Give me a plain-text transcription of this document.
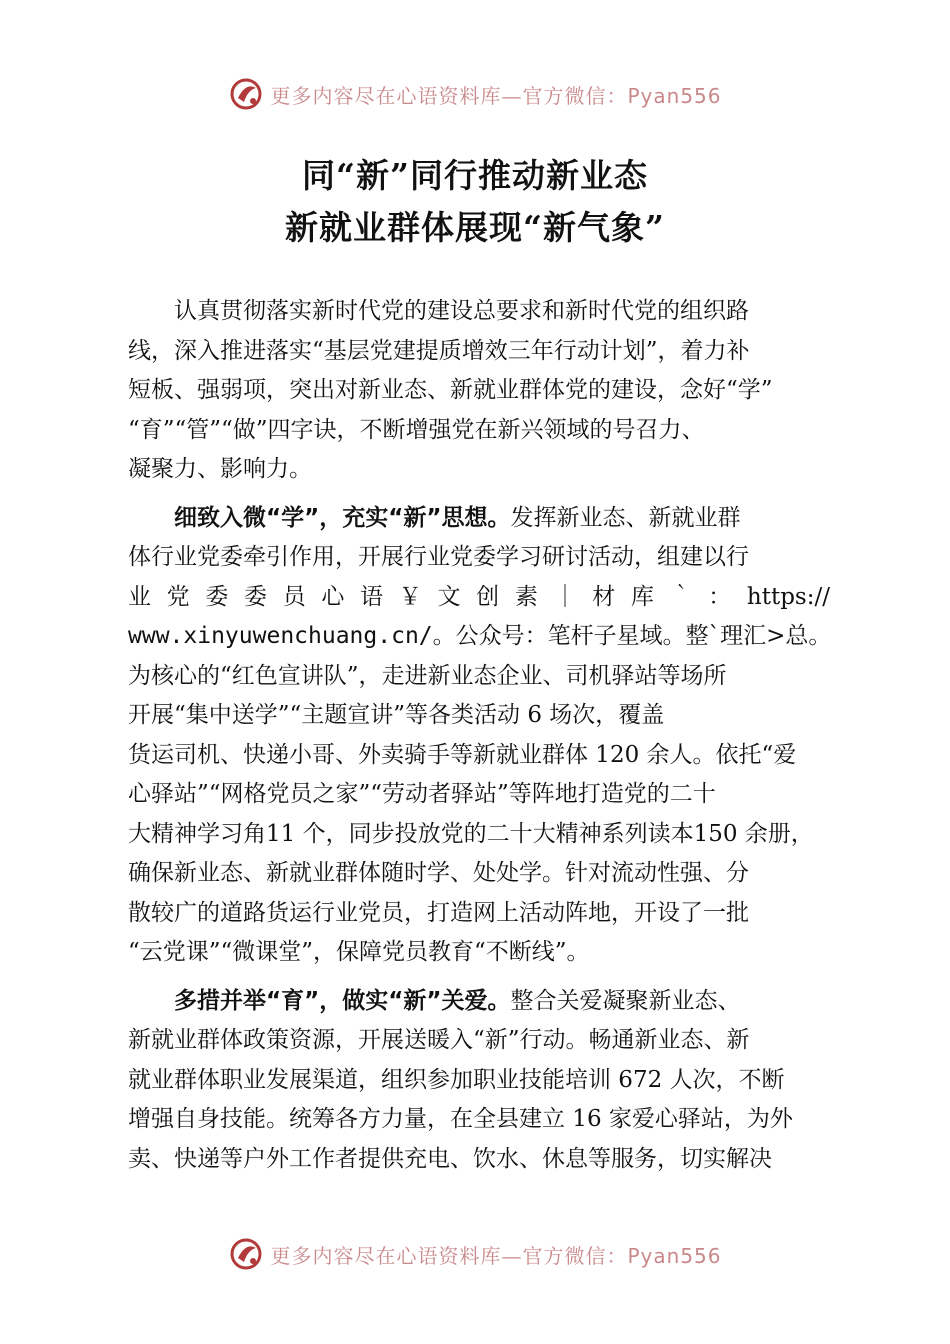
更多内容尽在心语资料库—官方微信：Pyan556
同“新”同行推动新业态
新就业群体展现“新气象”

认真贯彻落实新时代党的建设总要求和新时代党的组织路

线，深入推进落实“基层党建提质增效三年行动计划”，着力补

短板、强弱项，突出对新业态、新就业群体党的建设，念好“学”

“育”“管”“做”四字诀，不断增强党在新兴领域的号召力、

凝聚力、影响力。

细致入微“学”，充实“新”思想。发挥新业态、新就业群

体行业党委牵引作用，开展行业党委学习研讨活动，组建以行

业 党 委 委 员 心 语 ￥ 文 创 素 ｜ 材 库 ｀ ： https://

www.xinyuwenchuang.cn/。公众号：笔杆子星域。整`理汇>总。

为核心的“红色宣讲队”，走进新业态企业、司机驿站等场所

开展“集中送学”“主题宣讲”等各类活动 6 场次，覆盖

货运司机、快递小哥、外卖骑手等新就业群体 120 余人。依托“爱

心驿站”“网格党员之家”“劳动者驿站”等阵地打造党的二十

大精神学习角11 个，同步投放党的二十大精神系列读本150 余册，

确保新业态、新就业群体随时学、处处学。针对流动性强、分

散较广的道路货运行业党员，打造网上活动阵地，开设了一批

“云党课”“微课堂”，保障党员教育“不断线”。

多措并举“育”，做实“新”关爱。整合关爱凝聚新业态、

新就业群体政策资源，开展送暖入“新”行动。畅通新业态、新

就业群体职业发展渠道，组织参加职业技能培训 672 人次，不断

增强自身技能。统筹各方力量，在全县建立 16 家爱心驿站，为外

卖、快递等户外工作者提供充电、饮水、休息等服务，切实解决

更多内容尽在心语资料库—官方微信：Pyan556
